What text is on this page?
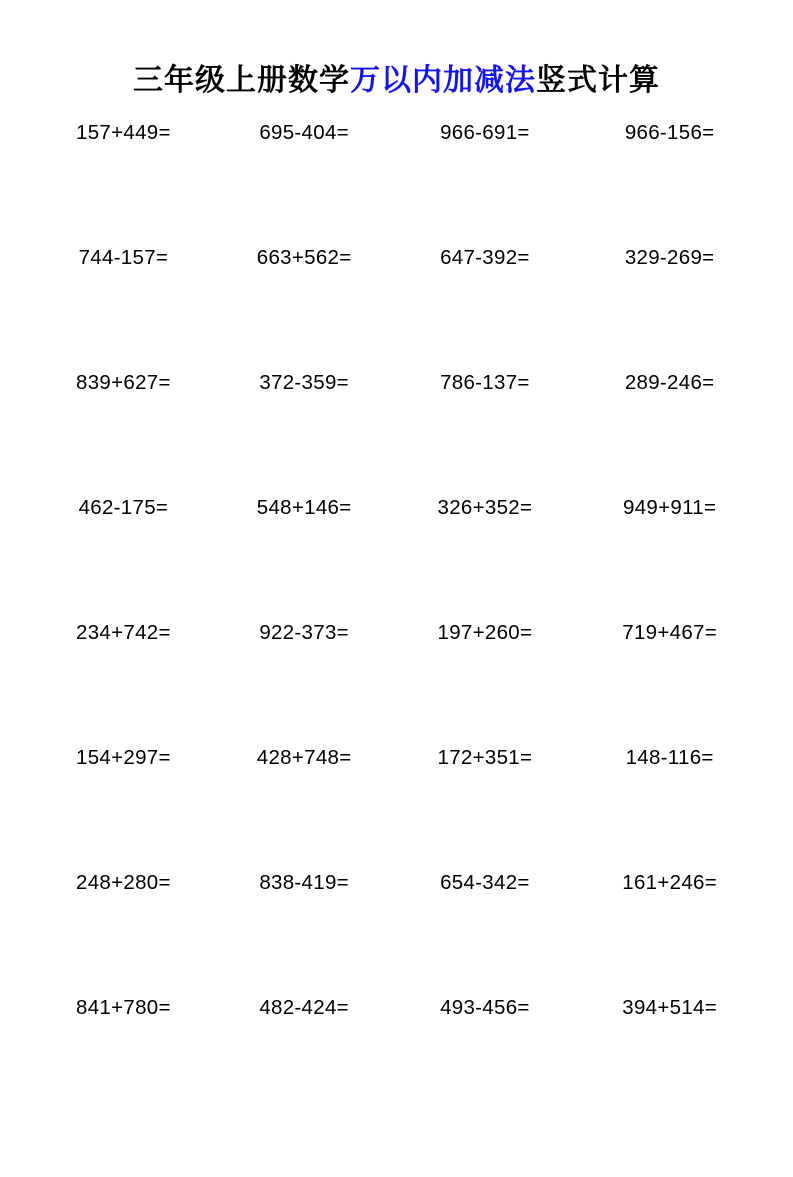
三年级上册数学万以内加减法竖式计算
157+449=	695-404=	966-691=	966-156=
744-157=	663+562=	647-392=	329-269=
839+627=	372-359=	786-137=	289-246=
462-175=	548+146=	326+352=	949+911=
234+742=	922-373=	197+260=	719+467=
154+297=	428+748=	172+351=	148-116=
248+280=	838-419=	654-342=	161+246=
841+780=	482-424=	493-456=	394+514=
